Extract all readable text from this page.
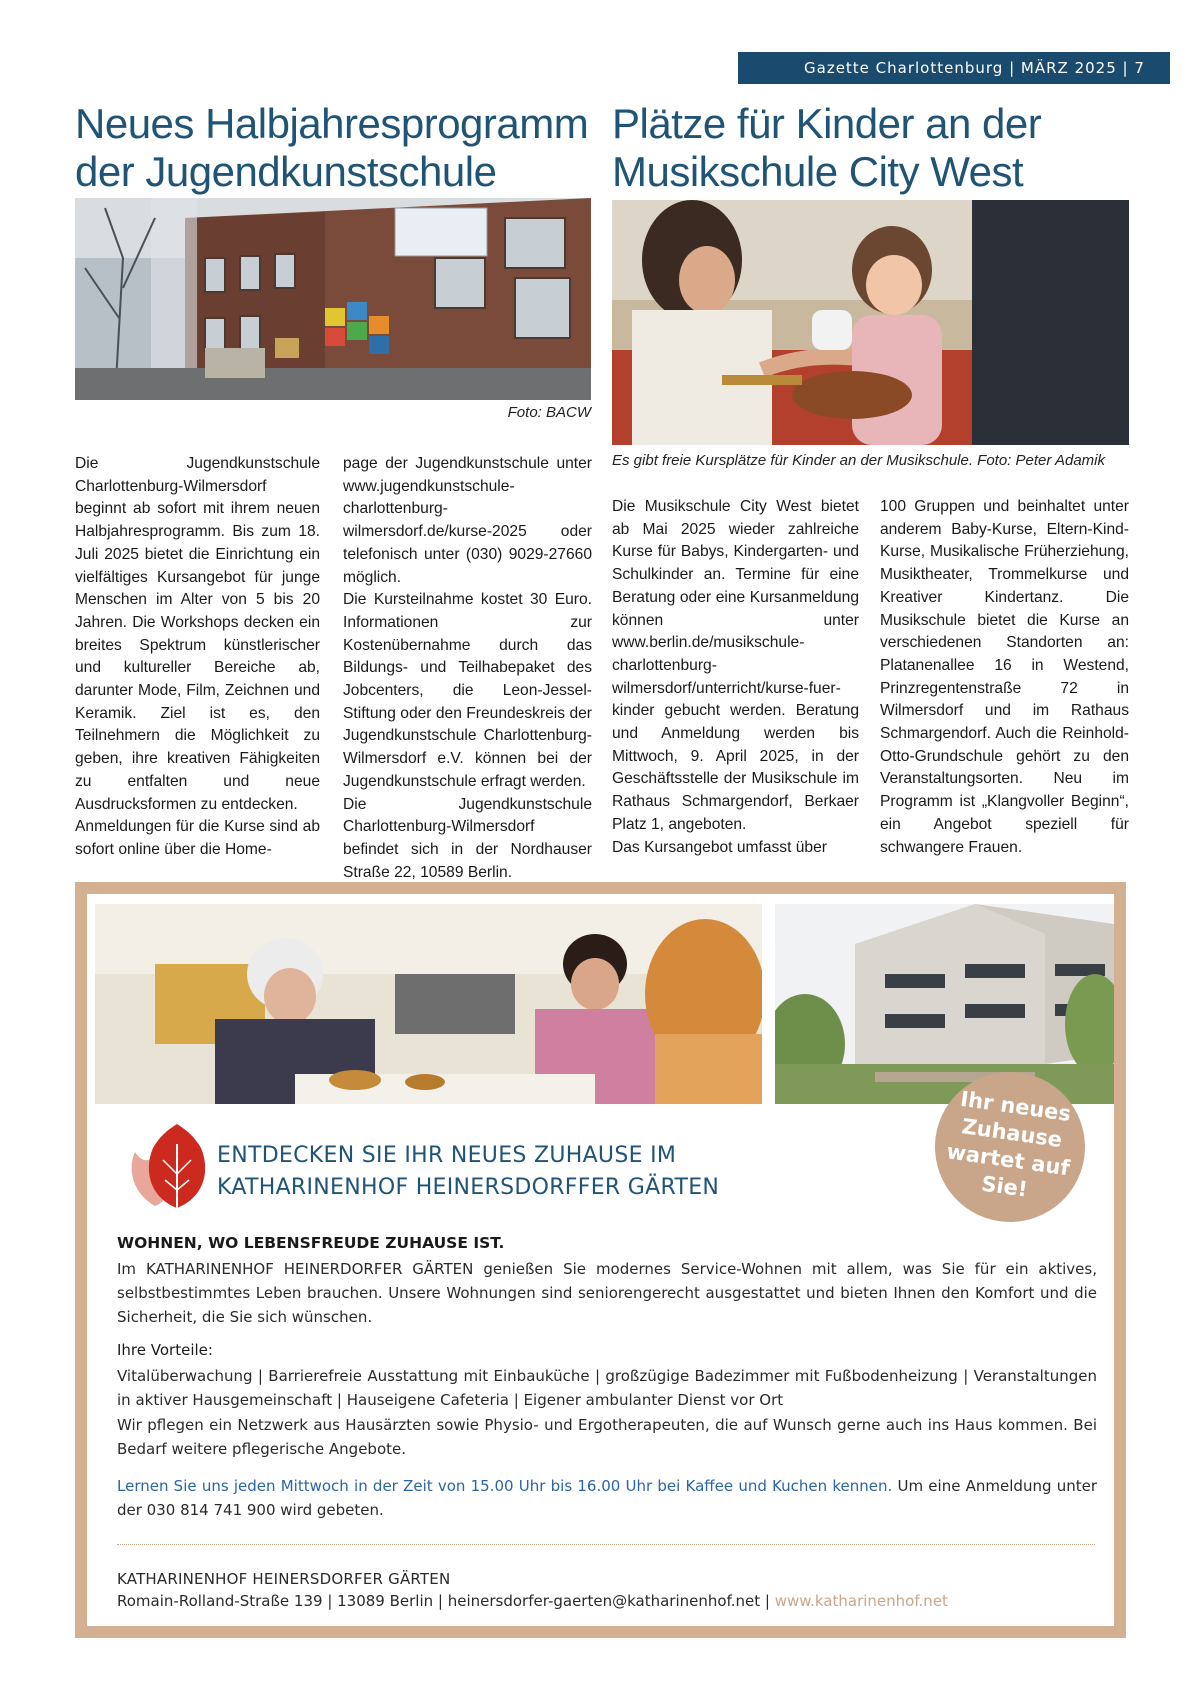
Gazette Charlottenburg | MÄRZ 2025 | 7
Neues Halbjahresprogramm der Jugendkunstschule
Plätze für Kinder an der Musikschule City West
Foto: BACW
Es gibt freie Kursplätze für Kinder an der Musikschule. Foto: Peter Adamik

Die Jugendkunstschule Charlottenburg-Wilmersdorf beginnt ab sofort mit ihrem neuen Halbjahresprogramm. Bis zum 18. Juli 2025 bietet die Einrichtung ein vielfältiges Kursangebot für junge Menschen im Alter von 5 bis 20 Jahren. Die Workshops decken ein breites Spektrum künstlerischer und kultureller Bereiche ab, darunter Mode, Film, Zeichnen und Keramik. Ziel ist es, den Teilnehmern die Möglichkeit zu geben, ihre kreativen Fähigkeiten zu entfalten und neue Ausdrucksformen zu entdecken.

Anmeldungen für die Kurse sind ab sofort online über die Home-

page der Jugendkunstschule unter www.jugendkunstschule-charlottenburg-wilmersdorf.de/kurse-2025 oder telefonisch unter (030) 9029-27660 möglich.

Die Kursteilnahme kostet 30 Euro. Informationen zur Kostenübernahme durch das Bildungs- und Teilhabepaket des Jobcenters, die Leon-Jessel-Stiftung oder den Freundeskreis der Jugendkunstschule Charlottenburg-Wilmersdorf e.V. können bei der Jugendkunstschule erfragt werden.

Die Jugendkunstschule Charlottenburg-Wilmersdorf befindet sich in der Nordhauser Straße 22, 10589 Berlin.

Die Musikschule City West bietet ab Mai 2025 wieder zahlreiche Kurse für Babys, Kindergarten- und Schulkinder an. Termine für eine Beratung oder eine Kursanmeldung können unter www.berlin.de/musikschule-charlottenburg-wilmersdorf/unterricht/kurse-fuer-kinder gebucht werden. Beratung und Anmeldung werden bis Mittwoch, 9. April 2025, in der Geschäftsstelle der Musikschule im Rathaus Schmargendorf, Berkaer Platz 1, angeboten.

Das Kursangebot umfasst über

100 Gruppen und beinhaltet unter anderem Baby-Kurse, Eltern-Kind-Kurse, Musikalische Früherziehung, Musiktheater, Trommelkurse und Kreativer Kindertanz. Die Musikschule bietet die Kurse an verschiedenen Standorten an: Platanenallee 16 in Westend, Prinzregentenstraße 72 in Wilmersdorf und im Rathaus Schmargendorf. Auch die Reinhold-Otto-Grundschule gehört zu den Veranstaltungsorten. Neu im Programm ist „Klangvoller Beginn“, ein Angebot speziell für schwangere Frauen.

Ihr neues Zuhause wartet auf Sie!
ENTDECKEN SIE IHR NEUES ZUHAUSE IM
KATHARINENHOF HEINERSDORFFER GÄRTEN
WOHNEN, WO LEBENSFREUDE ZUHAUSE IST.
Im KATHARINENHOF HEINERDORFER GÄRTEN genießen Sie modernes Service-Wohnen mit allem, was Sie für ein aktives, selbstbestimmtes Leben brauchen. Unsere Wohnungen sind seniorengerecht ausgestattet und bieten Ihnen den Komfort und die Sicherheit, die Sie sich wünschen.
Ihre Vorteile:
Vitalüberwachung | Barrierefreie Ausstattung mit Einbauküche | großzügige Badezimmer mit Fußbodenheizung | Veranstaltungen in aktiver Hausgemeinschaft | Hauseigene Cafeteria | Eigener ambulanter Dienst vor Ort
Wir pflegen ein Netzwerk aus Hausärzten sowie Physio- und Ergotherapeuten, die auf Wunsch gerne auch ins Haus kommen. Bei Bedarf weitere pflegerische Angebote.
Lernen Sie uns jeden Mittwoch in der Zeit von 15.00 Uhr bis 16.00 Uhr bei Kaffee und Kuchen kennen. Um eine Anmeldung unter der 030 814 741 900 wird gebeten.
KATHARINENHOF HEINERSDORFER GÄRTEN
Romain-Rolland-Straße 139 | 13089 Berlin | heinersdorfer-gaerten@katharinenhof.net | www.katharinenhof.net
